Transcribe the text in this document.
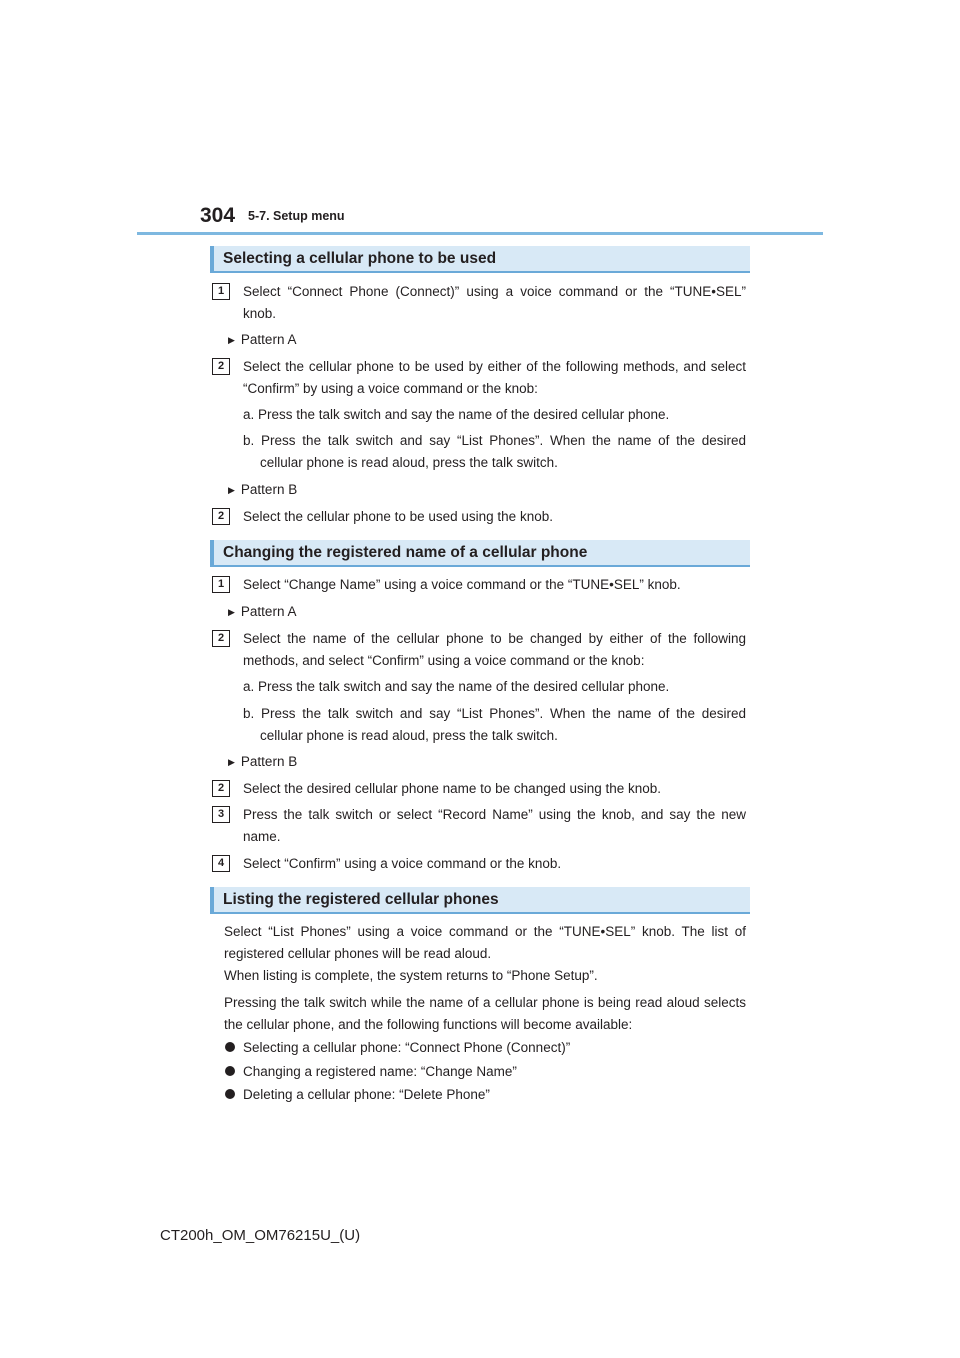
304 5-7. Setup menu
Selecting a cellular phone to be used
1	Select “Connect Phone (Connect)” using a voice command or the “TUNE•SEL” knob.
▶ Pattern A
2	Select the cellular phone to be used by either of the following methods, and select “Confirm” by using a voice command or the knob:
a. Press the talk switch and say the name of the desired cellular phone.
b. Press the talk switch and say “List Phones”. When the name of the desired cellular phone is read aloud, press the talk switch.
▶ Pattern B
2	Select the cellular phone to be used using the knob.
Changing the registered name of a cellular phone
1	Select “Change Name” using a voice command or the “TUNE•SEL” knob.
▶ Pattern A
2	Select the name of the cellular phone to be changed by either of the following methods, and select “Confirm” using a voice command or the knob:
a. Press the talk switch and say the name of the desired cellular phone.
b. Press the talk switch and say “List Phones”. When the name of the desired cellular phone is read aloud, press the talk switch.
▶ Pattern B
2	Select the desired cellular phone name to be changed using the knob.
3	Press the talk switch or select “Record Name” using the knob, and say the new name.
4	Select “Confirm” using a voice command or the knob.
Listing the registered cellular phones
Select “List Phones” using a voice command or the “TUNE•SEL” knob. The list of registered cellular phones will be read aloud.
When listing is complete, the system returns to “Phone Setup”.
Pressing the talk switch while the name of a cellular phone is being read aloud selects the cellular phone, and the following functions will become available:
Selecting a cellular phone: “Connect Phone (Connect)”
Changing a registered name: “Change Name”
Deleting a cellular phone: “Delete Phone”
CT200h_OM_OM76215U_(U)
